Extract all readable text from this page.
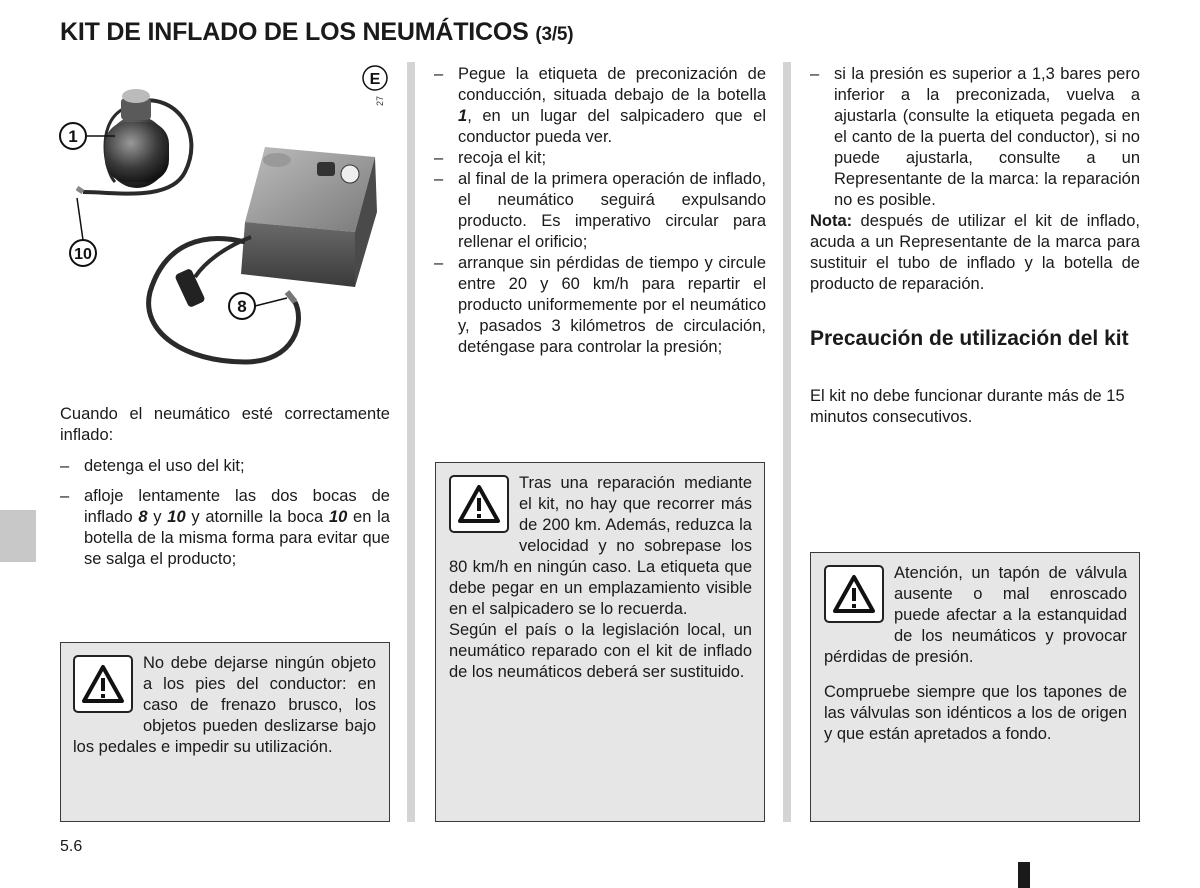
KIT DE INFLADO DE LOS NEUMÁTICOS (3/5)
1
10
8
E
27

Cuando el neumático esté correctamente inflado:

– detenga el uso del kit;
– afloje lentamente las dos bocas de inflado 8 y 10 y atornille la boca 10 en la botella de la misma forma para evitar que se salga el producto;

No debe dejarse ningún objeto a los pies del conductor: en caso de frenazo brusco, los objetos pueden deslizarse bajo los pedales e impedir su utilización.

– Pegue la etiqueta de preconización de conducción, situada debajo de la botella 1, en un lugar del salpicadero que el conductor pueda ver.
– recoja el kit;
– al final de la primera operación de inflado, el neumático seguirá expulsando producto. Es imperativo circular para rellenar el orificio;
– arranque sin pérdidas de tiempo y circule entre 20 y 60 km/h para repartir el producto uniformemente por el neumático y, pasados 3 kilómetros de circulación, deténgase para controlar la presión;

Tras una reparación mediante el kit, no hay que recorrer más de 200 km. Además, reduzca la velocidad y no sobrepase los 80 km/h en ningún caso. La etiqueta que debe pegar en un emplazamiento visible en el salpicadero se lo recuerda.

Según el país o la legislación local, un neumático reparado con el kit de inflado de los neumáticos deberá ser sustituido.

– si la presión es superior a 1,3 bares pero inferior a la preconizada, vuelva a ajustarla (consulte la etiqueta pegada en el canto de la puerta del conductor), si no puede ajustarla, consulte a un Representante de la marca: la reparación no es posible.

Nota: después de utilizar el kit de inflado, acuda a un Representante de la marca para sustituir el tubo de inflado y la botella de producto de reparación.

Precaución de utilización del kit

El kit no debe funcionar durante más de 15 minutos consecutivos.

Atención, un tapón de válvula ausente o mal enroscado puede afectar a la estanquidad de los neumáticos y provocar pérdidas de presión.

Compruebe siempre que los tapones de las válvulas son idénticos a los de origen y que están apretados a fondo.

5.6
